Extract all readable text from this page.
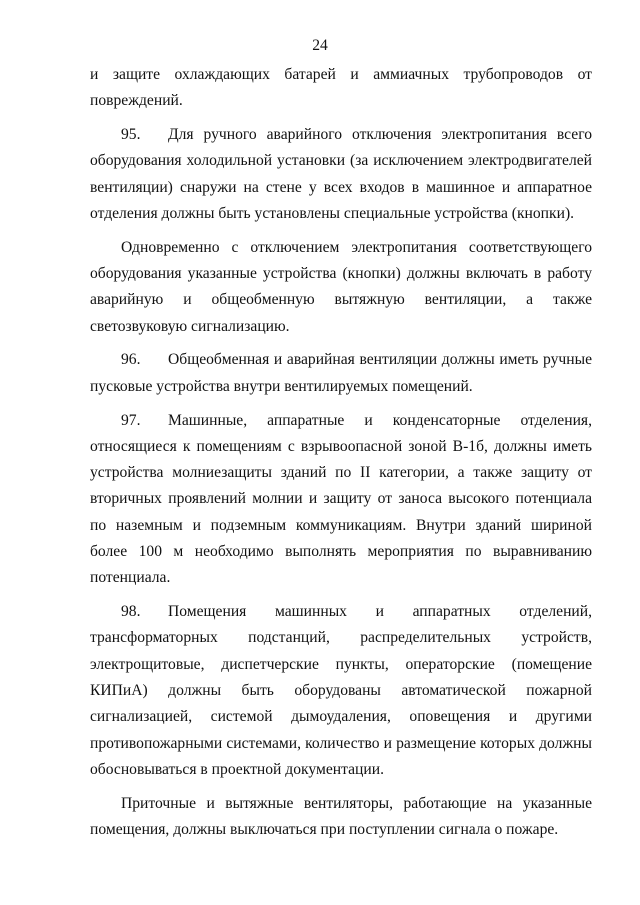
24

и защите охлаждающих батарей и аммиачных трубопроводов от повреждений.

95. Для ручного аварийного отключения электропитания всего оборудования холодильной установки (за исключением электродвигателей вентиляции) снаружи на стене у всех входов в машинное и аппаратное отделения должны быть установлены специальные устройства (кнопки).

Одновременно с отключением электропитания соответствующего оборудования указанные устройства (кнопки) должны включать в работу аварийную и общеобменную вытяжную вентиляции, а также светозвуковую сигнализацию.

96. Общеобменная и аварийная вентиляции должны иметь ручные пусковые устройства внутри вентилируемых помещений.

97. Машинные, аппаратные и конденсаторные отделения, относящиеся к помещениям с взрывоопасной зоной В-1б, должны иметь устройства молниезащиты зданий по II категории, а также защиту от вторичных проявлений молнии и защиту от заноса высокого потенциала по наземным и подземным коммуникациям. Внутри зданий шириной более 100 м необходимо выполнять мероприятия по выравниванию потенциала.

98. Помещения машинных и аппаратных отделений, трансформаторных подстанций, распределительных устройств, электрощитовые, диспетчерские пункты, операторские (помещение КИПиА) должны быть оборудованы автоматической пожарной сигнализацией, системой дымоудаления, оповещения и другими противопожарными системами, количество и размещение которых должны обосновываться в проектной документации.

Приточные и вытяжные вентиляторы, работающие на указанные помещения, должны выключаться при поступлении сигнала о пожаре.
